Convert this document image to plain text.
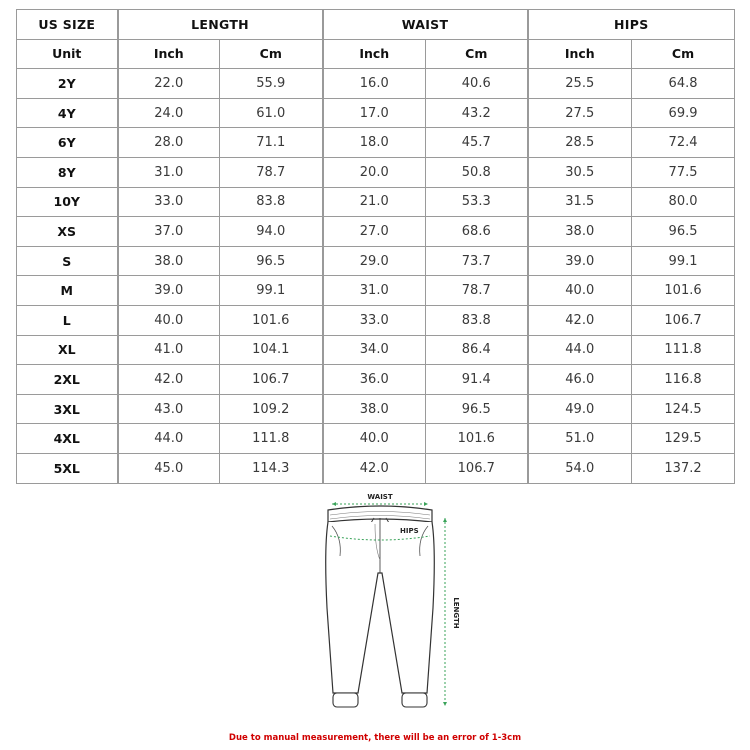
US SIZE	LENGTH		WAIST		HIPS	
Unit	Inch	Cm	Inch	Cm	Inch	Cm
2Y	22.0	55.9	16.0	40.6	25.5	64.8
4Y	24.0	61.0	17.0	43.2	27.5	69.9
6Y	28.0	71.1	18.0	45.7	28.5	72.4
8Y	31.0	78.7	20.0	50.8	30.5	77.5
10Y	33.0	83.8	21.0	53.3	31.5	80.0
XS	37.0	94.0	27.0	68.6	38.0	96.5
S	38.0	96.5	29.0	73.7	39.0	99.1
M	39.0	99.1	31.0	78.7	40.0	101.6
L	40.0	101.6	33.0	83.8	42.0	106.7
XL	41.0	104.1	34.0	86.4	44.0	111.8
2XL	42.0	106.7	36.0	91.4	46.0	116.8
3XL	43.0	109.2	38.0	96.5	49.0	124.5
4XL	44.0	111.8	40.0	101.6	51.0	129.5
5XL	45.0	114.3	42.0	106.7	54.0	137.2
WAIST
HIPS
LENGTH
Due to manual measurement, there will be an error of 1-3cm
